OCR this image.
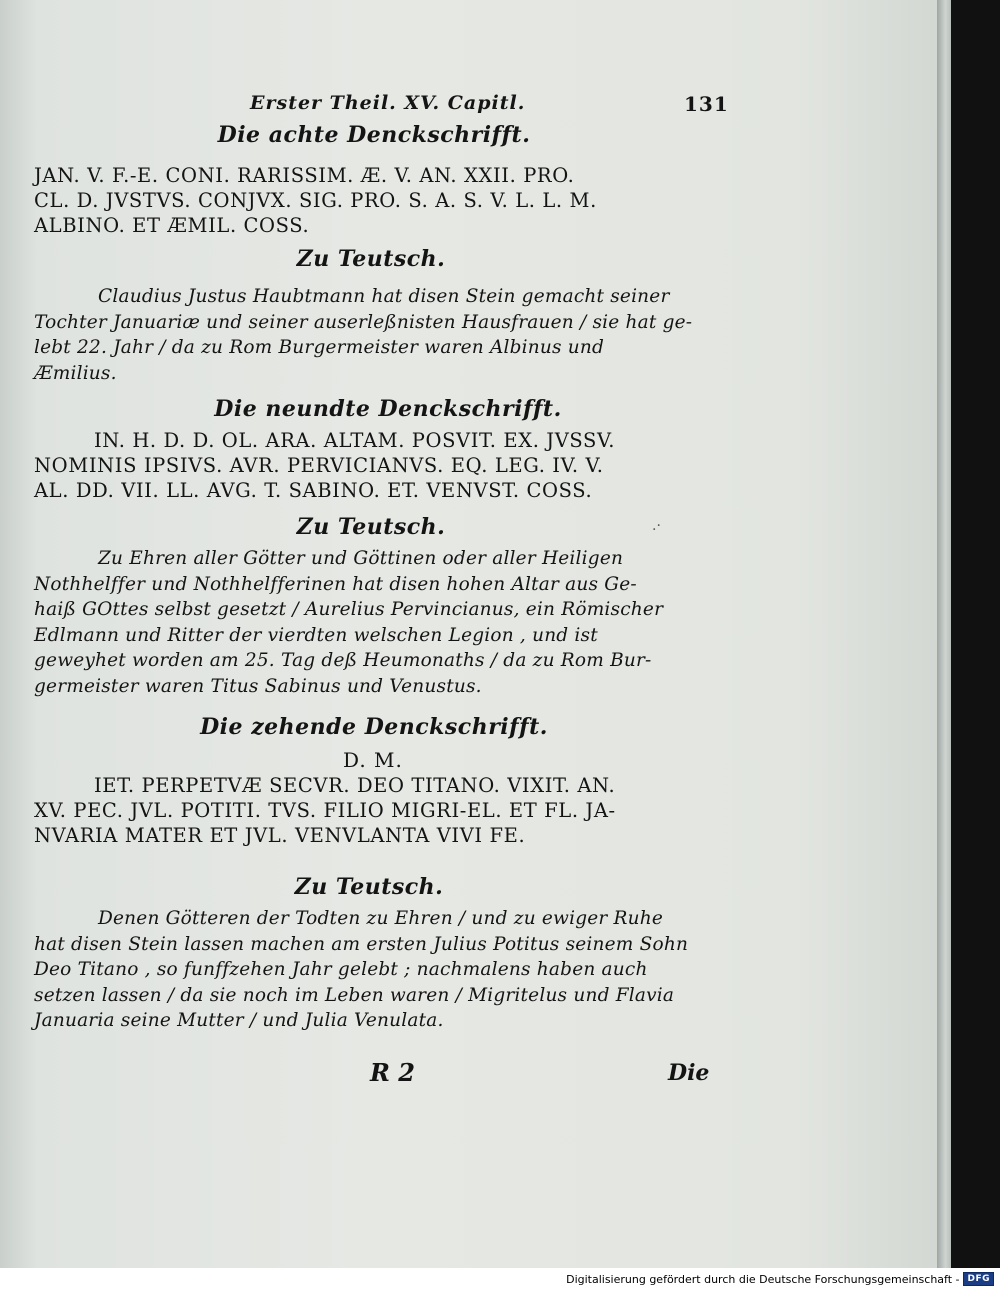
Erster Theil. XV. Capitl.	131
Die achte Denckschrifft.
JAN. V. F.-E. CONI. RARISSIM. Æ. V. AN. XXII. PRO.
CL. D. JVSTVS. CONJVX. SIG. PRO. S. A. S. V. L. L. M.
ALBINO. ET ÆMIL. COSS.
Zu Teutsch.
Claudius Justus Haubtmann hat disen Stein gemacht seiner
Tochter Januariæ und seiner auserleßnisten Hausfrauen / sie hat ge-
lebt 22. Jahr / da zu Rom Burgermeister waren Albinus und
Æmilius.
Die neundte Denckschrifft.
IN. H. D. D. OL. ARA. ALTAM. POSVIT. EX. JVSSV.
NOMINIS IPSIVS. AVR. PERVICIANVS. EQ. LEG. IV. V.
AL. DD. VII. LL. AVG. T. SABINO. ET. VENVST. COSS.
Zu Teutsch.	.·
Zu Ehren aller Götter und Göttinen oder aller Heiligen
Nothhelffer und Nothhelfferinen hat disen hohen Altar aus Ge-
haiß GOttes selbst gesetzt / Aurelius Pervincianus, ein Römischer
Edlmann und Ritter der vierdten welschen Legion , und ist
geweyhet worden am 25. Tag deß Heumonaths / da zu Rom Bur-
germeister waren Titus Sabinus und Venustus.
Die zehende Denckschrifft.
D. M.
IET. PERPETVÆ SECVR. DEO TITANO. VIXIT. AN.
XV. PEC. JVL. POTITI. TVS. FILIO MIGRI-EL. ET FL. JA-
NVARIA MATER ET JVL. VENVLANTA VIVI FE.
Zu Teutsch.
Denen Götteren der Todten zu Ehren / und zu ewiger Ruhe
hat disen Stein lassen machen am ersten Julius Potitus seinem Sohn
Deo Titano , so funffzehen Jahr gelebt ; nachmalens haben auch
setzen lassen / da sie noch im Leben waren / Migritelus und Flavia
Januaria seine Mutter / und Julia Venulata.
R 2	Die
Digitalisierung gefördert durch die Deutsche Forschungsgemeinschaft - DFG
